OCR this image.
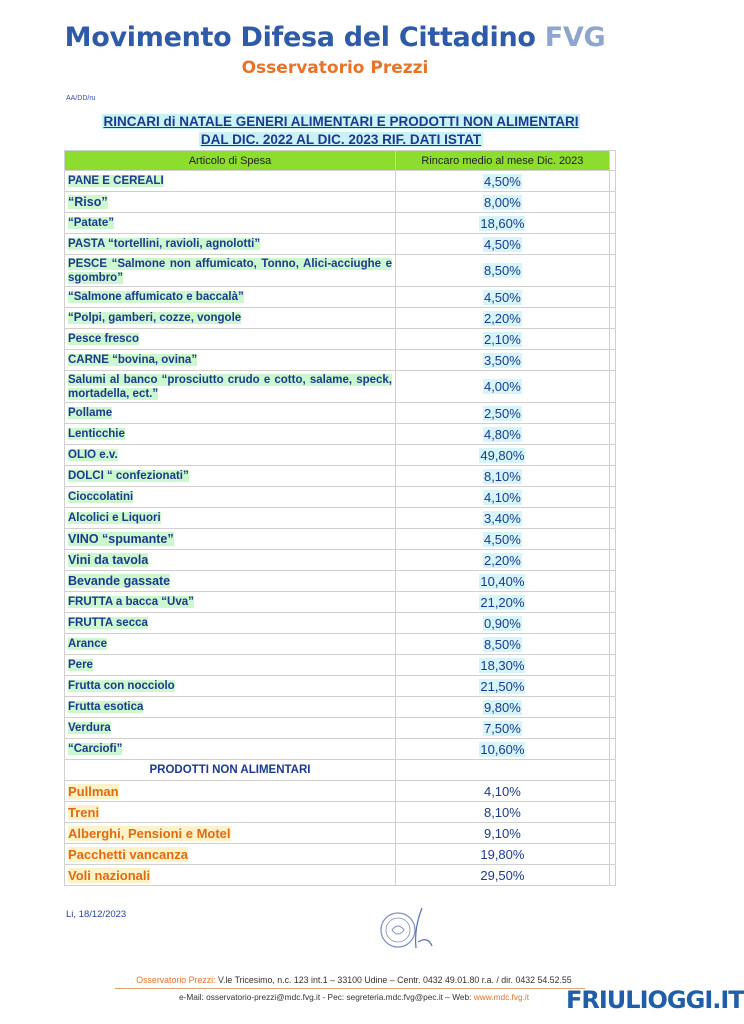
Movimento Difesa del Cittadino FVG
Osservatorio Prezzi
AA/DD/ru
RINCARI di NATALE GENERI ALIMENTARI E PRODOTTI NON ALIMENTARI
DAL DIC. 2022 AL DIC. 2023 RIF. DATI ISTAT
Articolo di Spesa	Rincaro medio al mese Dic. 2023	
PANE E CEREALI	4,50%	
“Riso”	8,00%	
“Patate”	18,60%	
PASTA “tortellini, ravioli, agnolotti”	4,50%	
PESCE “Salmone non affumicato, Tonno, Alici-acciughe e sgombro”	8,50%	
“Salmone affumicato e baccalà”	4,50%	
“Polpi, gamberi, cozze, vongole	2,20%	
Pesce fresco	2,10%	
CARNE “bovina, ovina”	3,50%	
Salumi al banco “prosciutto crudo e cotto, salame, speck, mortadella, ect.”	4,00%	
Pollame	2,50%	
Lenticchie	4,80%	
OLIO e.v.	49,80%	
DOLCI “ confezionati”	8,10%	
Cioccolatini	4,10%	
Alcolici e Liquori	3,40%	
VINO “spumante”	4,50%	
Vini da tavola	2,20%	
Bevande gassate	10,40%	
FRUTTA a bacca “Uva”	21,20%	
FRUTTA secca	0,90%	
Arance	8,50%	
Pere	18,30%	
Frutta con nocciolo	21,50%	
Frutta esotica	9,80%	
Verdura	7,50%	
“Carciofi”	10,60%	
PRODOTTI NON ALIMENTARI		
Pullman	4,10%	
Treni	8,10%	
Alberghi, Pensioni e Motel	9,10%	
Pacchetti vancanza	19,80%	
Voli nazionali	29,50%	
Li, 18/12/2023
Osservatorio Prezzi: V.le Tricesimo, n.c. 123 int.1 – 33100 Udine – Centr. 0432 49.01.80 r.a. / dir. 0432 54.52.55
e-Mail: osservatorio-prezzi@mdc.fvg.it - Pec: segreteria.mdc.fvg@pec.it – Web: www.mdc.fvg.it	FRIULIOGGI.IT
